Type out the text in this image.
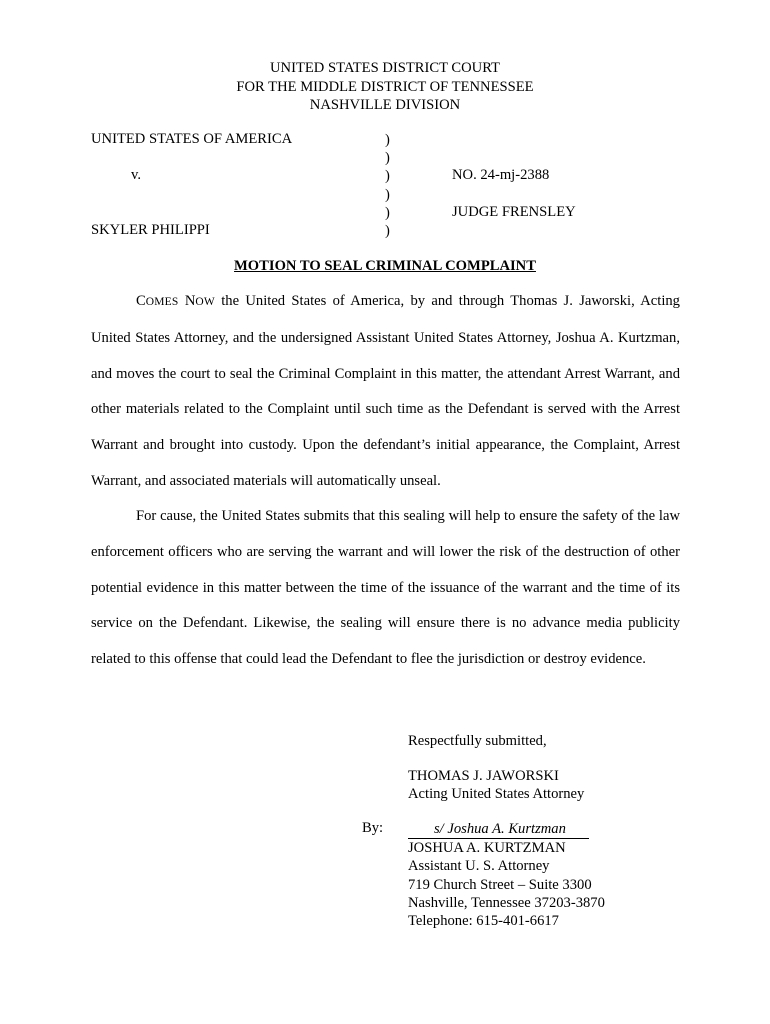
UNITED STATES DISTRICT COURT
FOR THE MIDDLE DISTRICT OF TENNESSEE
NASHVILLE DIVISION
UNITED STATES OF AMERICA
v.
SKYLER PHILIPPI
)
)
)
)
)
)
NO. 24-mj-2388
JUDGE FRENSLEY
MOTION TO SEAL CRIMINAL COMPLAINT

COMES NOW the United States of America, by and through Thomas J. Jaworski, Acting United States Attorney, and the undersigned Assistant United States Attorney, Joshua A. Kurtzman, and moves the court to seal the Criminal Complaint in this matter, the attendant Arrest Warrant, and other materials related to the Complaint until such time as the Defendant is served with the Arrest Warrant and brought into custody. Upon the defendant’s initial appearance, the Complaint, Arrest Warrant, and associated materials will automatically unseal.

For cause, the United States submits that this sealing will help to ensure the safety of the law enforcement officers who are serving the warrant and will lower the risk of the destruction of other potential evidence in this matter between the time of the issuance of the warrant and the time of its service on the Defendant. Likewise, the sealing will ensure there is no advance media publicity related to this offense that could lead the Defendant to flee the jurisdiction or destroy evidence.

Respectfully submitted,
THOMAS J. JAWORSKI
Acting United States Attorney
By:	s/ Joshua A. Kurtzman
JOSHUA A. KURTZMAN
Assistant U. S. Attorney
719 Church Street – Suite 3300
Nashville, Tennessee 37203-3870
Telephone: 615-401-6617
